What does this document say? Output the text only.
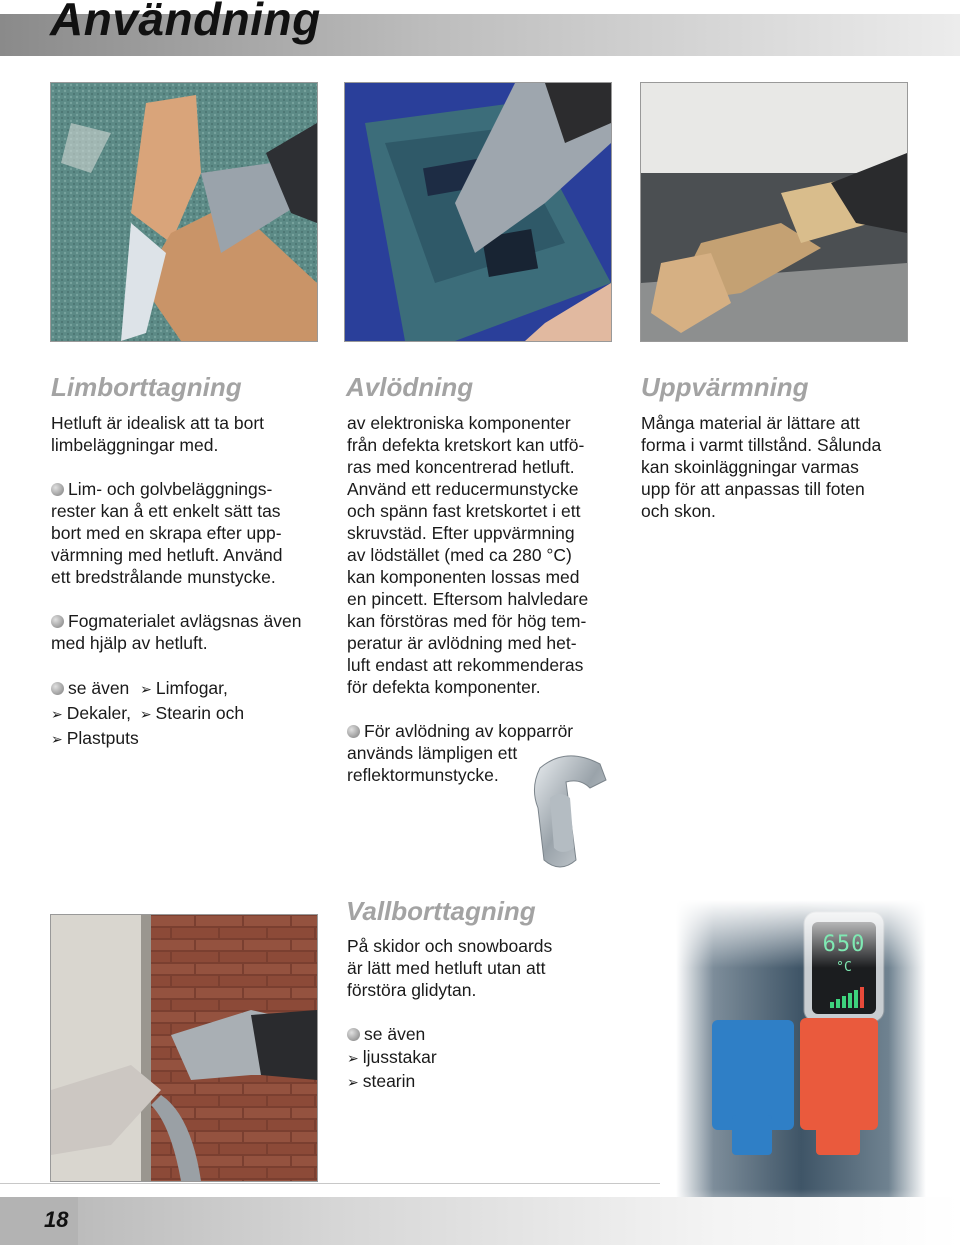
Användning
Limborttagning

Hetluft är idealisk att ta bort
limbeläggningar med.

Lim- och golvbeläggnings-
rester kan å ett enkelt sätt tas
bort med en skrapa efter upp-
värmning med hetluft. Använd
ett bredstrålande munstycke.

Fogmaterialet avlägsnas även
med hjälp av hetluft.

se även ➢ Limfogar,
➢ Dekaler, ➢ Stearin och
➢ Plastputs
Avlödning

av elektroniska komponenter
från defekta kretskort kan utfö-
ras med koncentrerad hetluft.
Använd ett reducermunstycke
och spänn fast kretskortet i ett
skruvstäd. Efter uppvärmning
av lödstället (med ca 280 °C)
kan komponenten lossas med
en pincett. Eftersom halvledare
kan förstöras med för hög tem-
peratur är avlödning med het-
luft endast att rekommenderas
för defekta komponenter.

För avlödning av kopparrör
används lämpligen ett
reflektormunstycke.

Uppvärmning

Många material är lättare att
forma i varmt tillstånd. Sålunda
kan skoinläggningar varmas
upp för att anpassas till foten
och skon.

Vallborttagning

På skidor och snowboards
är lätt med hetluft utan att
förstöra glidytan.

se även
➢ ljusstakar
➢ stearin
650
°C
18
